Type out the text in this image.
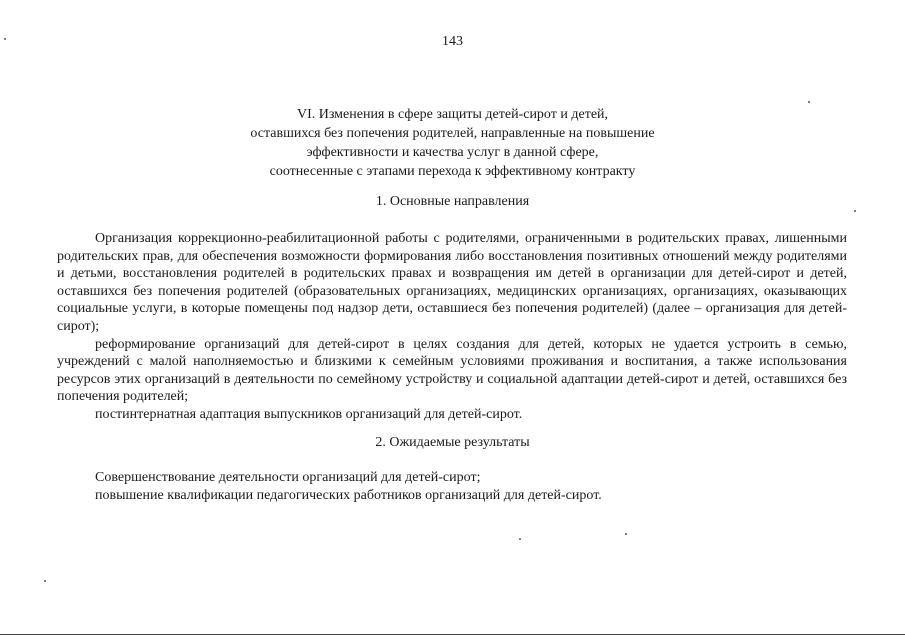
143
VI. Изменения в сфере защиты детей-сирот и детей,
оставшихся без попечения родителей, направленные на повышение
эффективности и качества услуг в данной сфере,
соотнесенные с этапами перехода к эффективному контракту
1. Основные направления

Организация коррекционно-реабилитационной работы с родителями, ограниченными в родительских правах, лишенными родительских прав, для обеспечения возможности формирования либо восстановления позитивных отношений между родителями и детьми, восстановления родителей в родительских правах и возвращения им детей в организации для детей-сирот и детей, оставшихся без попечения родителей (образовательных организациях, медицинских организациях, организациях, оказывающих социальные услуги, в которые помещены под надзор дети, оставшиеся без попечения родителей) (далее – организация для детей-сирот);

реформирование организаций для детей-сирот в целях создания для детей, которых не удается устроить в семью, учреждений с малой наполняемостью и близкими к семейным условиями проживания и воспитания, а также использования ресурсов этих организаций в деятельности по семейному устройству и социальной адаптации детей-сирот и детей, оставшихся без попечения родителей;

постинтернатная адаптация выпускников организаций для детей-сирот.

2. Ожидаемые результаты

Совершенствование деятельности организаций для детей-сирот;

повышение квалификации педагогических работников организаций для детей-сирот.
